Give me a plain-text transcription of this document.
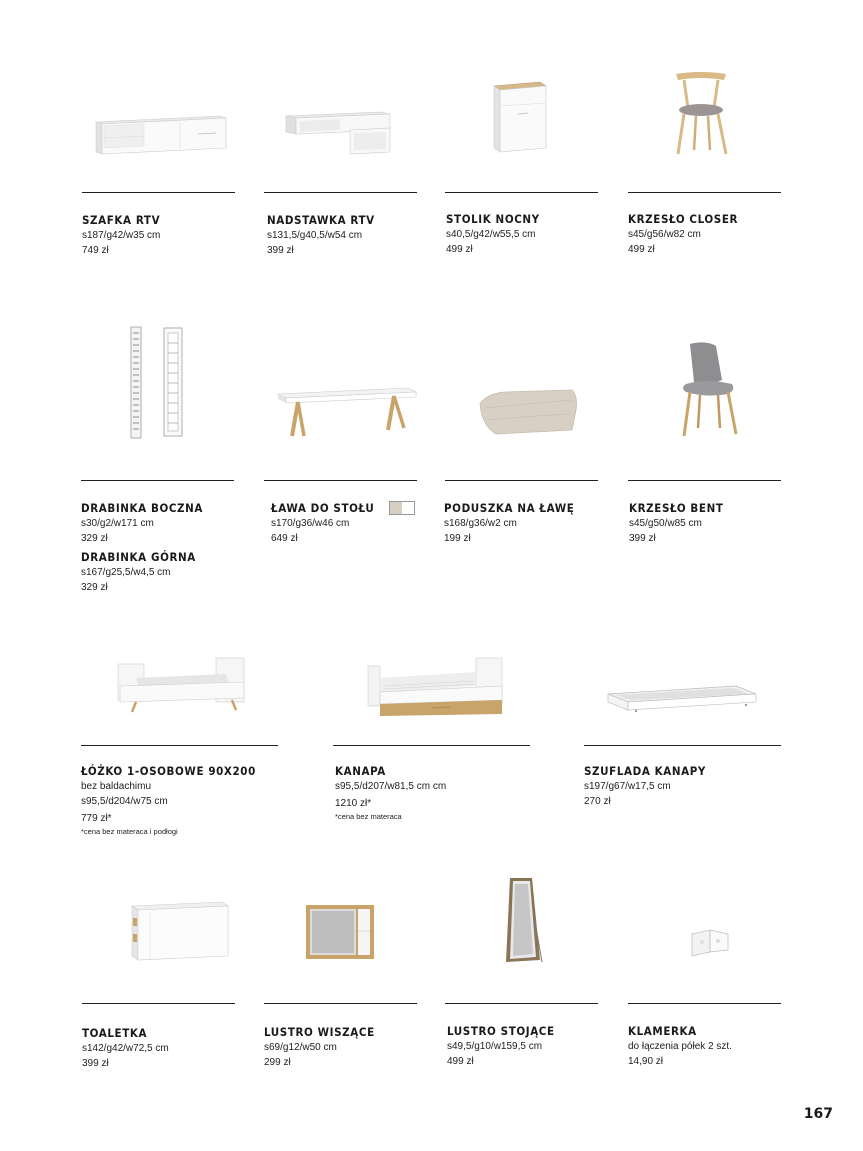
SZAFKA RTV
s187/g42/w35 cm
749 zł
NADSTAWKA RTV
s131,5/g40,5/w54 cm
399 zł
STOLIK NOCNY
s40,5/g42/w55,5 cm
499 zł
KRZESŁO CLOSER
s45/g56/w82 cm
499 zł
DRABINKA BOCZNA
s30/g2/w171 cm
329 zł
DRABINKA GÓRNA
s167/g25,5/w4,5 cm
329 zł
ŁAWA DO STOŁU
s170/g36/w46 cm
649 zł
PODUSZKA NA ŁAWĘ
s168/g36/w2 cm
199 zł
KRZESŁO BENT
s45/g50/w85 cm
399 zł
ŁÓŻKO 1-OSOBOWE 90X200
bez baldachimu
s95,5/d204/w75 cm
779 zł*
*cena bez materaca i podłogi
KANAPA
s95,5/d207/w81,5 cm cm
1210 zł*
*cena bez materaca
SZUFLADA KANAPY
s197/g67/w17,5 cm
270 zł
TOALETKA
s142/g42/w72,5 cm
399 zł
LUSTRO WISZĄCE
s69/g12/w50 cm
299 zł
LUSTRO STOJĄCE
s49,5/g10/w159,5 cm
499 zł
KLAMERKA
do łączenia półek 2 szt.
14,90 zł
167
